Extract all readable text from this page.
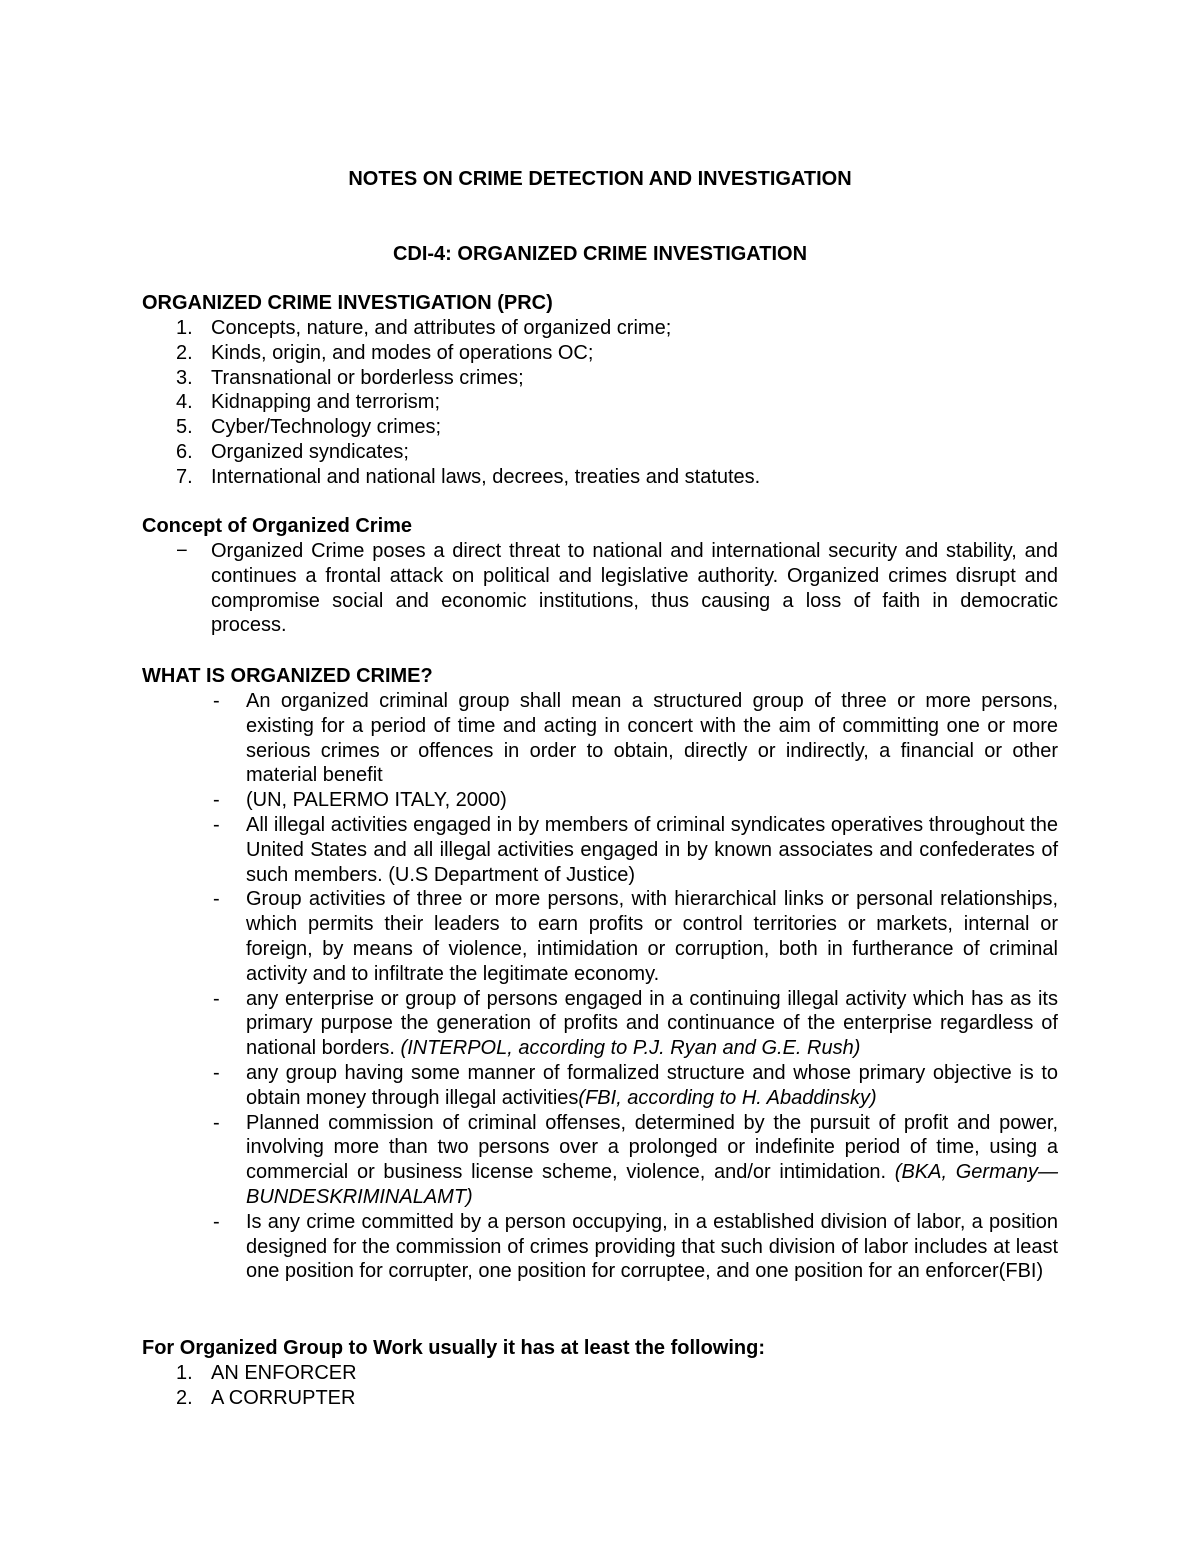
NOTES ON CRIME DETECTION AND INVESTIGATION
CDI-4: ORGANIZED CRIME INVESTIGATION
ORGANIZED CRIME INVESTIGATION (PRC)
1. Concepts, nature, and attributes of organized crime;
2. Kinds, origin, and modes of operations OC;
3. Transnational or borderless crimes;
4. Kidnapping and terrorism;
5. Cyber/Technology crimes;
6. Organized syndicates;
7. International and national laws, decrees, treaties and statutes.
Concept of Organized Crime
− Organized Crime poses a direct threat to national and international security and stability, and continues a frontal attack on political and legislative authority. Organized crimes disrupt and compromise social and economic institutions, thus causing a loss of faith in democratic process.
WHAT IS ORGANIZED CRIME?
- An organized criminal group shall mean a structured group of three or more persons, existing for a period of time and acting in concert with the aim of committing one or more serious crimes or offences in order to obtain, directly or indirectly, a financial or other material benefit
- (UN, PALERMO ITALY, 2000)
- All illegal activities engaged in by members of criminal syndicates operatives throughout the United States and all illegal activities engaged in by known associates and confederates of such members. (U.S Department of Justice)
- Group activities of three or more persons, with hierarchical links or personal relationships, which permits their leaders to earn profits or control territories or markets, internal or foreign, by means of violence, intimidation or corruption, both in furtherance of criminal activity and to infiltrate the legitimate economy.
- any enterprise or group of persons engaged in a continuing illegal activity which has as its primary purpose the generation of profits and continuance of the enterprise regardless of national borders. (INTERPOL, according to P.J. Ryan and G.E. Rush)
- any group having some manner of formalized structure and whose primary objective is to obtain money through illegal activities(FBI, according to H. Abaddinsky)
- Planned commission of criminal offenses, determined by the pursuit of profit and power, involving more than two persons over a prolonged or indefinite period of time, using a commercial or business license scheme, violence, and/or intimidation. (BKA, Germany—BUNDESKRIMINALAMT)
- Is any crime committed by a person occupying, in a established division of labor, a position designed for the commission of crimes providing that such division of labor includes at least one position for corrupter, one position for corruptee, and one position for an enforcer(FBI)
For Organized Group to Work usually it has at least the following:
1. AN ENFORCER
2. A CORRUPTER
